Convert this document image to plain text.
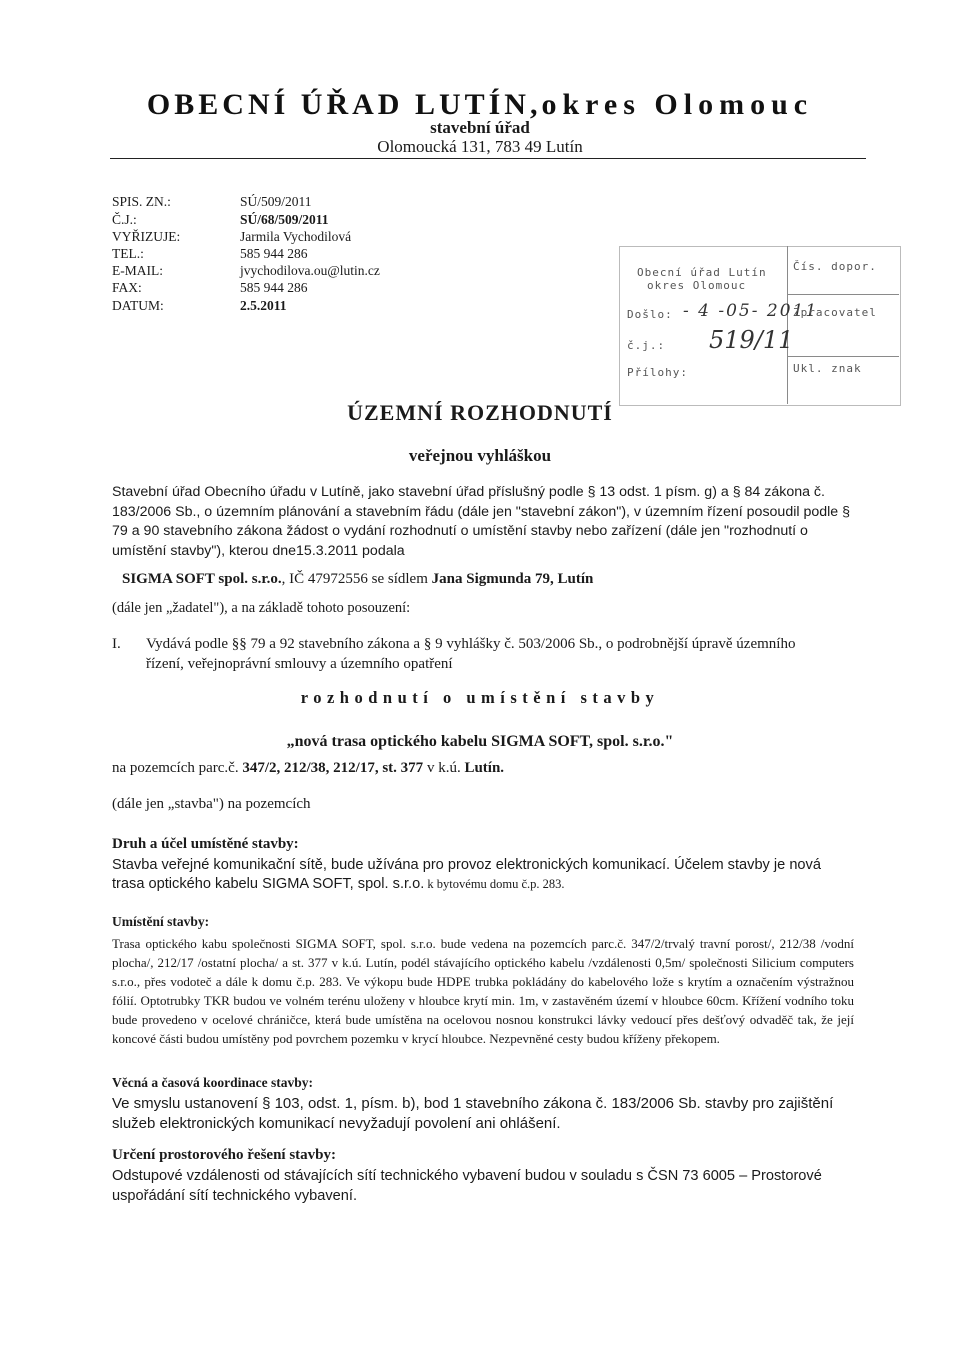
OBECNÍ ÚŘAD LUTÍN,okres Olomouc
stavební úřad
Olomoucká 131, 783 49 Lutín
SPIS. ZN.:	SÚ/509/2011
Č.J.:	SÚ/68/509/2011
VYŘIZUJE:	Jarmila Vychodilová
TEL.:	585 944 286
E-MAIL:	jvychodilova.ou@lutin.cz
FAX:	585 944 286
DATUM:	2.5.2011
Obecní úřad Lutín
okres Olomouc
Došlo: - 4 -05- 2011
č.j.: 519/11
Přílohy:
Čís. dopor.
Zpracovatel
Ukl. znak
ÚZEMNÍ ROZHODNUTÍ
veřejnou vyhláškou
Stavební úřad Obecního úřadu v Lutíně, jako stavební úřad příslušný podle § 13 odst. 1 písm. g) a § 84 zákona č. 183/2006 Sb., o územním plánování a stavebním řádu (dále jen "stavební zákon"), v územním řízení posoudil podle § 79 a 90 stavebního zákona žádost o vydání rozhodnutí o umístění stavby nebo zařízení (dále jen "rozhodnutí o umístění stavby"), kterou dne15.3.2011 podala
SIGMA SOFT spol. s.r.o., IČ 47972556 se sídlem Jana Sigmunda 79, Lutín
(dále jen „žadatel"), a na základě tohoto posouzení:
I. Vydává podle §§ 79 a 92 stavebního zákona a § 9 vyhlášky č. 503/2006 Sb., o podrobnější úpravě územního
řízení, veřejnoprávní smlouvy a územního opatření
rozhodnutí o umístění stavby
„nová trasa optického kabelu SIGMA SOFT, spol. s.r.o."
na pozemcích parc.č. 347/2, 212/38, 212/17, st. 377 v k.ú. Lutín.
(dále jen „stavba") na pozemcích
Druh a účel umístěné stavby:
Stavba veřejné komunikační sítě, bude užívána pro provoz elektronických komunikací. Účelem stavby je nová trasa optického kabelu SIGMA SOFT, spol. s.r.o. k bytovému domu č.p. 283.
Umístění stavby:
Trasa optického kabu společnosti SIGMA SOFT, spol. s.r.o. bude vedena na pozemcích parc.č. 347/2/trvalý travní porost/, 212/38 /vodní plocha/, 212/17 /ostatní plocha/ a st. 377 v k.ú. Lutín, podél stávajícího optického kabelu /vzdálenosti 0,5m/ společnosti Silicium computers s.r.o., přes vodoteč a dále k domu č.p. 283. Ve výkopu bude HDPE trubka pokládány do kabelového lože s krytím a označením výstražnou fólií. Optotrubky TKR budou ve volném terénu uloženy v hloubce krytí min. 1m, v zastavěném území v hloubce 60cm. Křížení vodního toku bude provedeno v ocelové chráničce, která bude umístěna na ocelovou nosnou konstrukci lávky vedoucí přes dešťový odvaděč tak, že její koncové části budou umístěny pod povrchem pozemku v krycí hloubce. Nezpevněné cesty budou kříženy překopem.
Věcná a časová koordinace stavby:
Ve smyslu ustanovení § 103, odst. 1, písm. b), bod 1 stavebního zákona č. 183/2006 Sb. stavby pro zajištění služeb elektronických komunikací nevyžadují povolení ani ohlášení.
Určení prostorového řešení stavby:
Odstupové vzdálenosti od stávajících sítí technického vybavení budou v souladu s ČSN 73 6005 – Prostorové uspořádání sítí technického vybavení.
